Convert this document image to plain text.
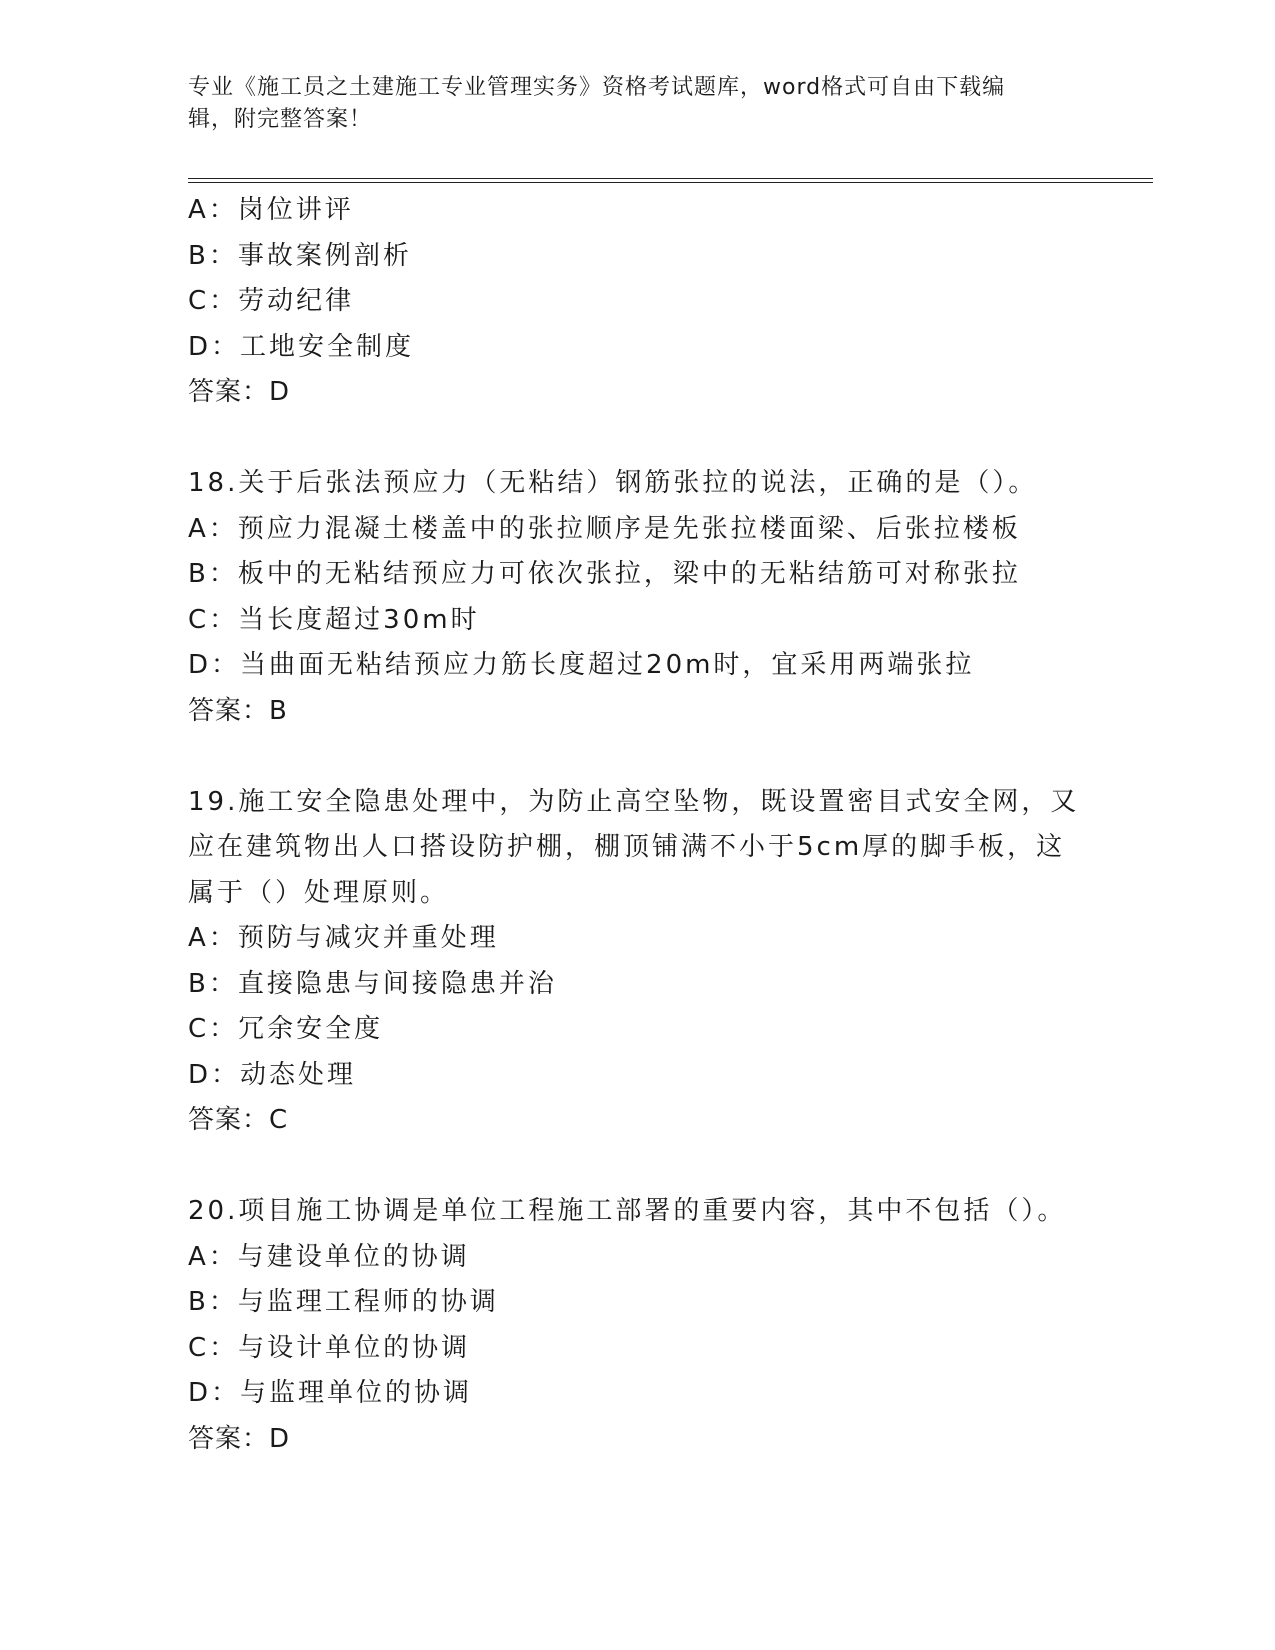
专业《施工员之土建施工专业管理实务》资格考试题库，word格式可自由下载编
辑，附完整答案！
A：岗位讲评
B：事故案例剖析
C：劳动纪律
D：工地安全制度
答案：D
18.关于后张法预应力（无粘结）钢筋张拉的说法，正确的是（）。
A：预应力混凝土楼盖中的张拉顺序是先张拉楼面梁、后张拉楼板
B：板中的无粘结预应力可依次张拉，梁中的无粘结筋可对称张拉
C：当长度超过30m时
D：当曲面无粘结预应力筋长度超过20m时，宜采用两端张拉
答案：B
19.施工安全隐患处理中，为防止高空坠物，既设置密目式安全网，又
应在建筑物出人口搭设防护棚，棚顶铺满不小于5cm厚的脚手板，这
属于（）处理原则。
A：预防与减灾并重处理
B：直接隐患与间接隐患并治
C：冗余安全度
D：动态处理
答案：C
20.项目施工协调是单位工程施工部署的重要内容，其中不包括（）。
A：与建设单位的协调
B：与监理工程师的协调
C：与设计单位的协调
D：与监理单位的协调
答案：D
